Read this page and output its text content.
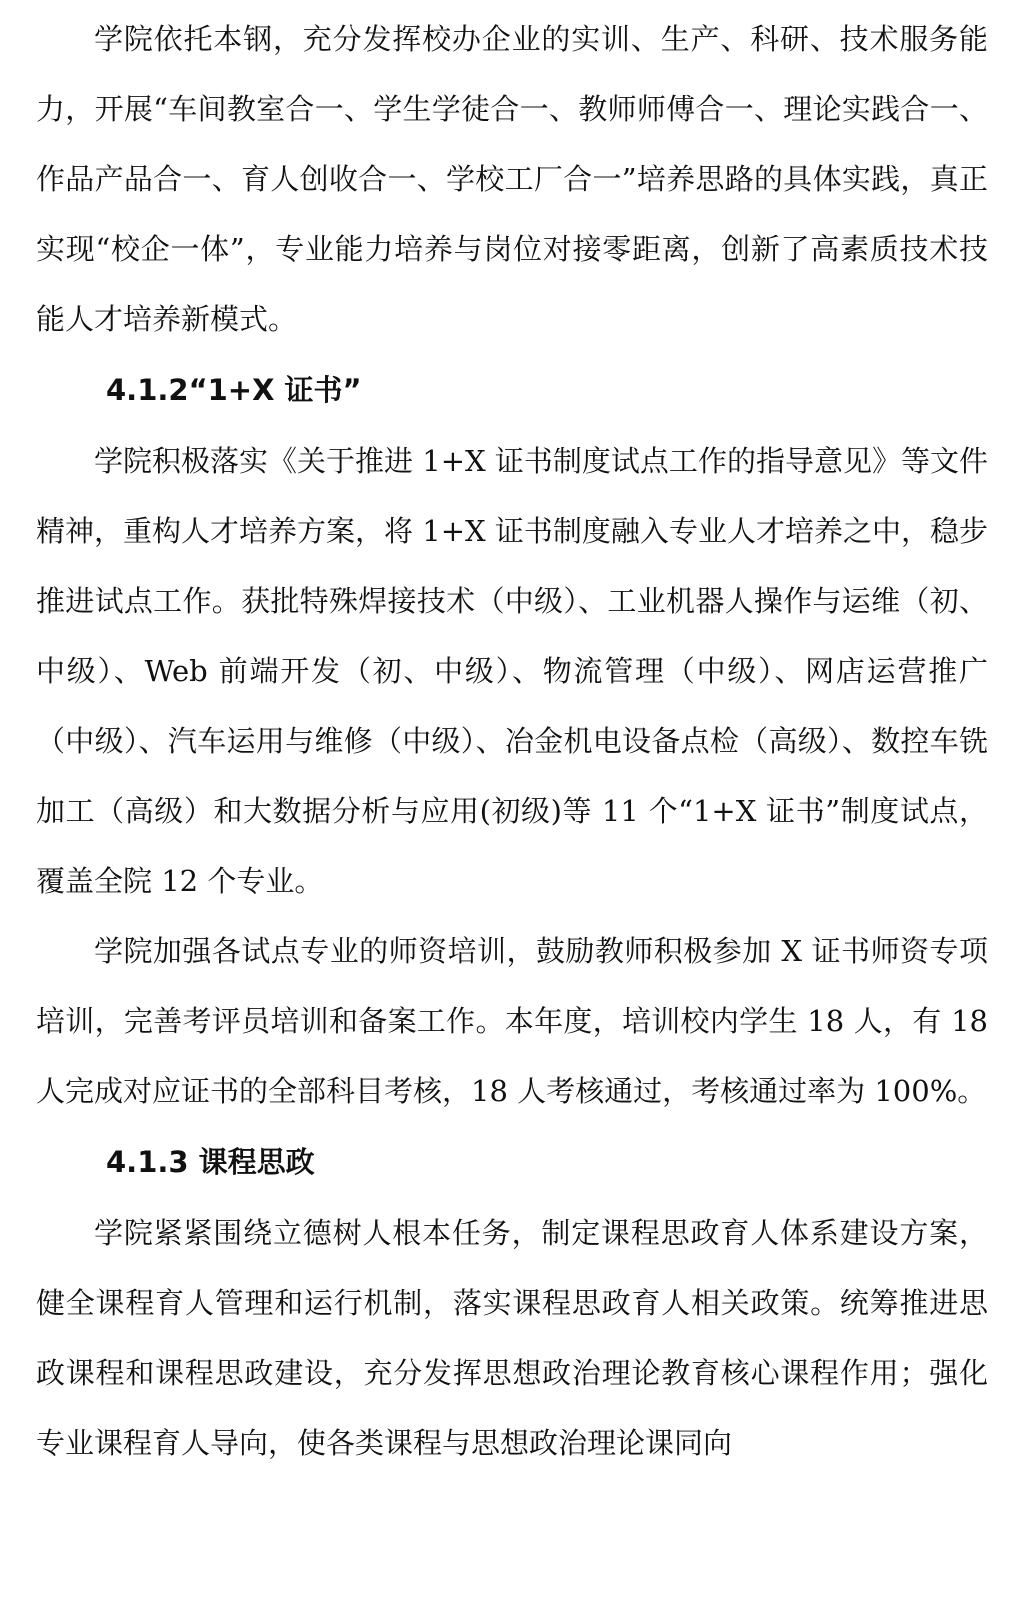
学院依托本钢，充分发挥校办企业的实训、生产、科研、技术服务能力，开展“车间教室合一、学生学徒合一、教师师傅合一、理论实践合一、作品产品合一、育人创收合一、学校工厂合一”培养思路的具体实践，真正实现“校企一体”，专业能力培养与岗位对接零距离，创新了高素质技术技能人才培养新模式。

4.1.2“1+X 证书”

学院积极落实《关于推进 1+X 证书制度试点工作的指导意见》等文件精神，重构人才培养方案，将 1+X 证书制度融入专业人才培养之中，稳步推进试点工作。获批特殊焊接技术（中级）、工业机器人操作与运维（初、中级）、Web 前端开发（初、中级）、物流管理（中级）、网店运营推广（中级）、汽车运用与维修（中级）、冶金机电设备点检（高级）、数控车铣加工（高级）和大数据分析与应用(初级)等 11 个“1+X 证书”制度试点，覆盖全院 12 个专业。

学院加强各试点专业的师资培训，鼓励教师积极参加 X 证书师资专项培训，完善考评员培训和备案工作。本年度，培训校内学生 18 人，有 18 人完成对应证书的全部科目考核，18 人考核通过，考核通过率为 100%。

4.1.3 课程思政

学院紧紧围绕立德树人根本任务，制定课程思政育人体系建设方案，健全课程育人管理和运行机制，落实课程思政育人相关政策。统筹推进思政课程和课程思政建设，充分发挥思想政治理论教育核心课程作用；强化专业课程育人导向，使各类课程与思想政治理论课同向
